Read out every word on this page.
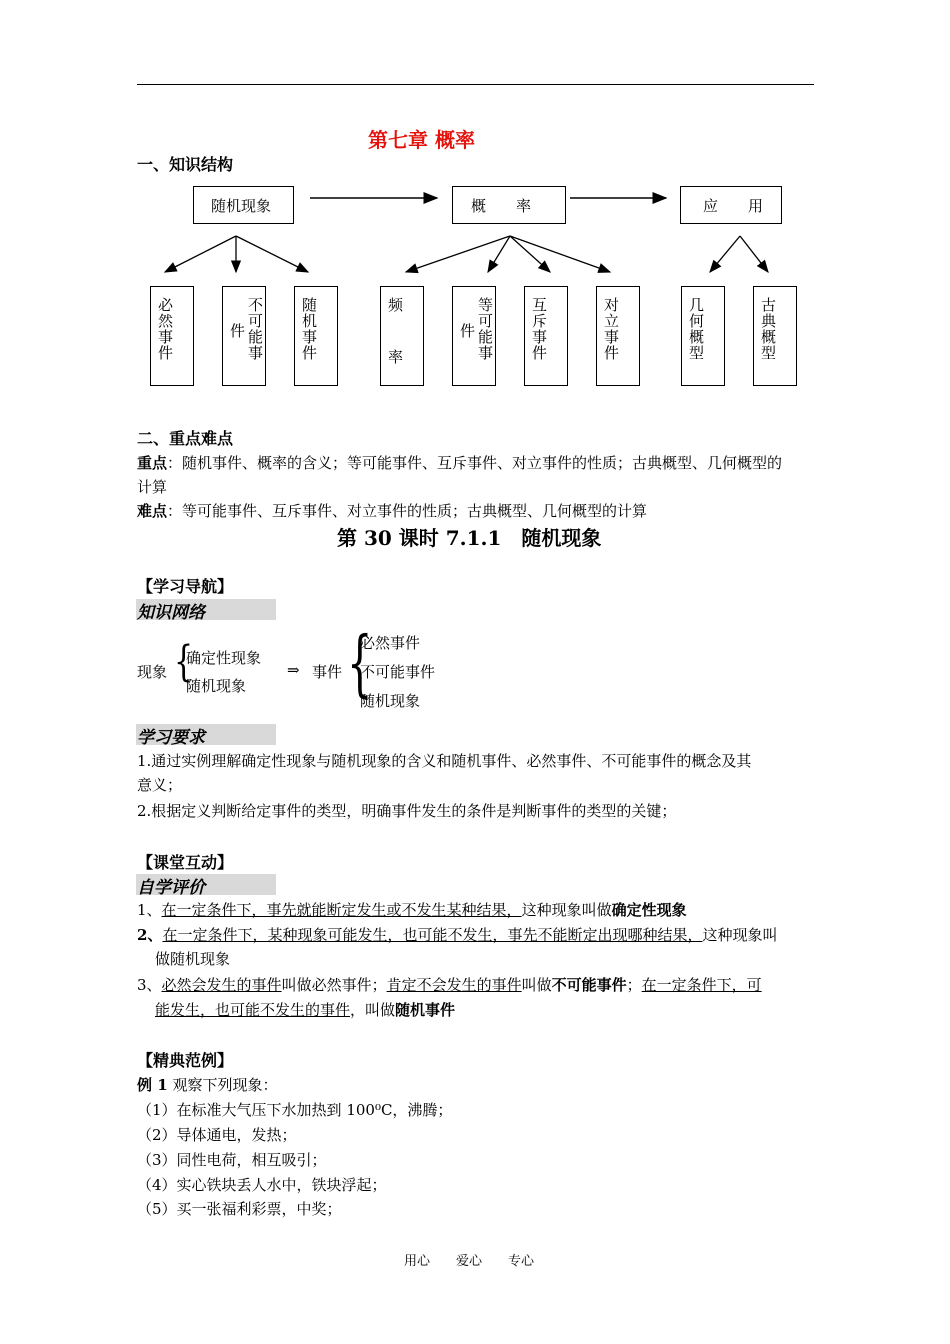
第七章 概率
一、知识结构
随机现象	概　　率	应　　用
必然事件	不可能事
件	随机事件	频
率	等可能事
件	互斥事件	对立事件	几何概型	古典概型
二、重点难点
重点：随机事件、概率的含义；等可能事件、互斥事件、对立事件的性质；古典概型、几何概型的
计算
难点：等可能事件、互斥事件、对立事件的性质；古典概型、几何概型的计算
第 30 课时 7.1.1　随机现象
【学习导航】
知识网络
现象 {
确定性现象
随机现象
⇒ 事件 {
必然事件
不可能事件
随机现象
学习要求
1.通过实例理解确定性现象与随机现象的含义和随机事件、必然事件、不可能事件的概念及其
意义；
2.根据定义判断给定事件的类型，明确事件发生的条件是判断事件的类型的关键；
【课堂互动】
自学评价
1、在一定条件下，事先就能断定发生或不发生某种结果，这种现象叫做确定性现象
2、在一定条件下，某种现象可能发生，也可能不发生，事先不能断定出现哪种结果，这种现象叫
做随机现象
3、必然会发生的事件叫做必然事件；肯定不会发生的事件叫做不可能事件；在一定条件下，可
能发生，也可能不发生的事件，叫做随机事件
【精典范例】
例 1 观察下列现象：
（1）在标准大气压下水加热到 100⁰C，沸腾；
（2）导体通电，发热；
（3）同性电荷，相互吸引；
（4）实心铁块丢人水中，铁块浮起；
（5）买一张福利彩票，中奖；
用心　　爱心　　专心
